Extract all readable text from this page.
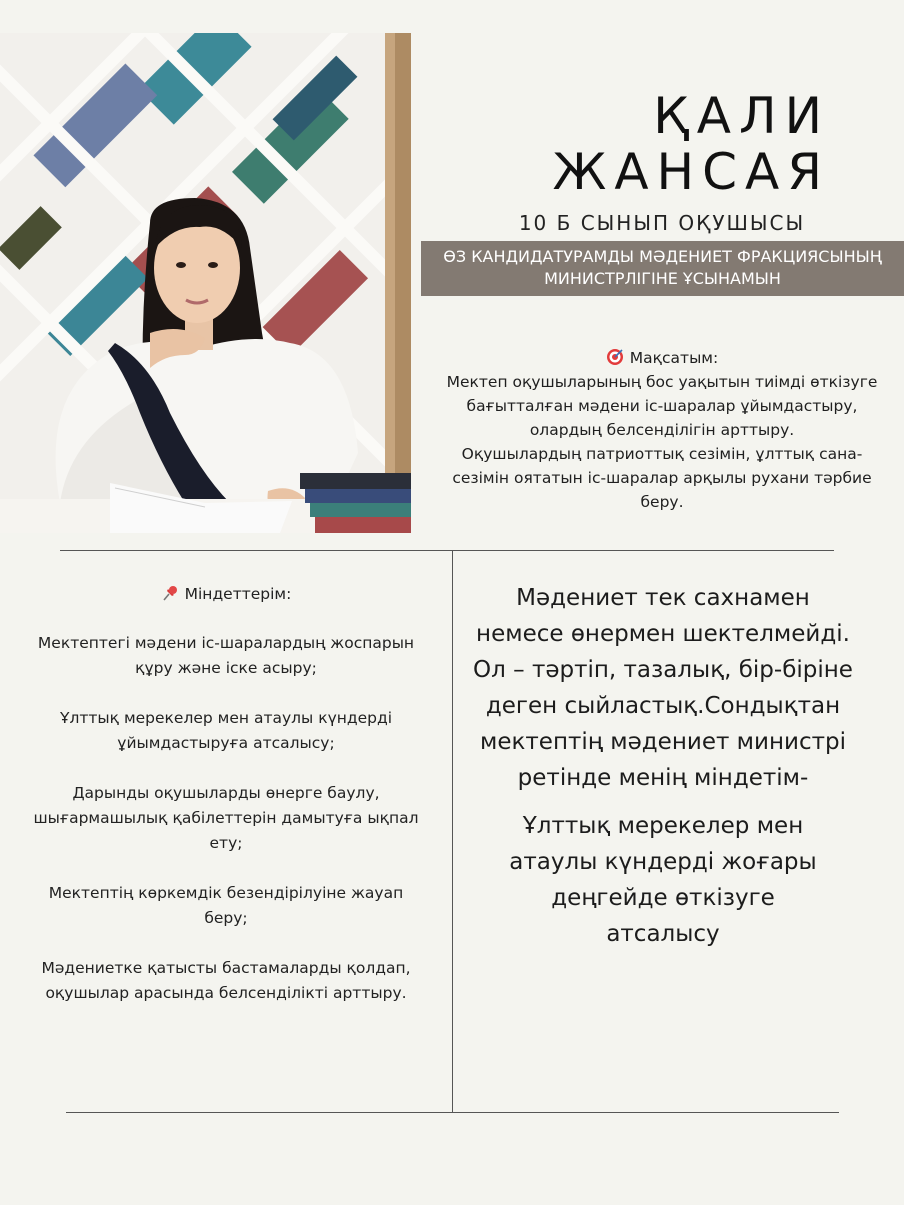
ҚАЛИ
ЖАНСАЯ
10 Б СЫНЫП ОҚУШЫСЫ
ӨЗ КАНДИДАТУРАМДЫ МӘДЕНИЕТ ФРАКЦИЯСЫНЫҢ
МИНИСТРЛІГІНЕ ҰСЫНАМЫН
Мақсатым:
Мектеп оқушыларының бос уақытын тиімді өткізуге
бағытталған мәдени іс-шаралар ұйымдастыру,
олардың белсенділігін арттыру.
Оқушылардың патриоттық сезімін, ұлттық сана-
сезімін оятатын іс-шаралар арқылы рухани тәрбие
беру.
Міндеттерім:
Мектептегі мәдени іс-шаралардың жоспарын
құру және іске асыру;
Ұлттық мерекелер мен атаулы күндерді
ұйымдастыруға атсалысу;
Дарынды оқушыларды өнерге баулу,
шығармашылық қабілеттерін дамытуға ықпал
ету;
Мектептің көркемдік безендірілуіне жауап
беру;
Мәдениетке қатысты бастамаларды қолдап,
оқушылар арасында белсенділікті арттыру.
Мәдениет тек сахнамен
немесе өнермен шектелмейді.
Ол – тәртіп, тазалық, бір-біріне
деген сыйластық.Сондықтан
мектептің мәдениет министрі
ретінде менің міндетім-
Ұлттық мерекелер мен
атаулы күндерді жоғары
деңгейде өткізуге
атсалысу
